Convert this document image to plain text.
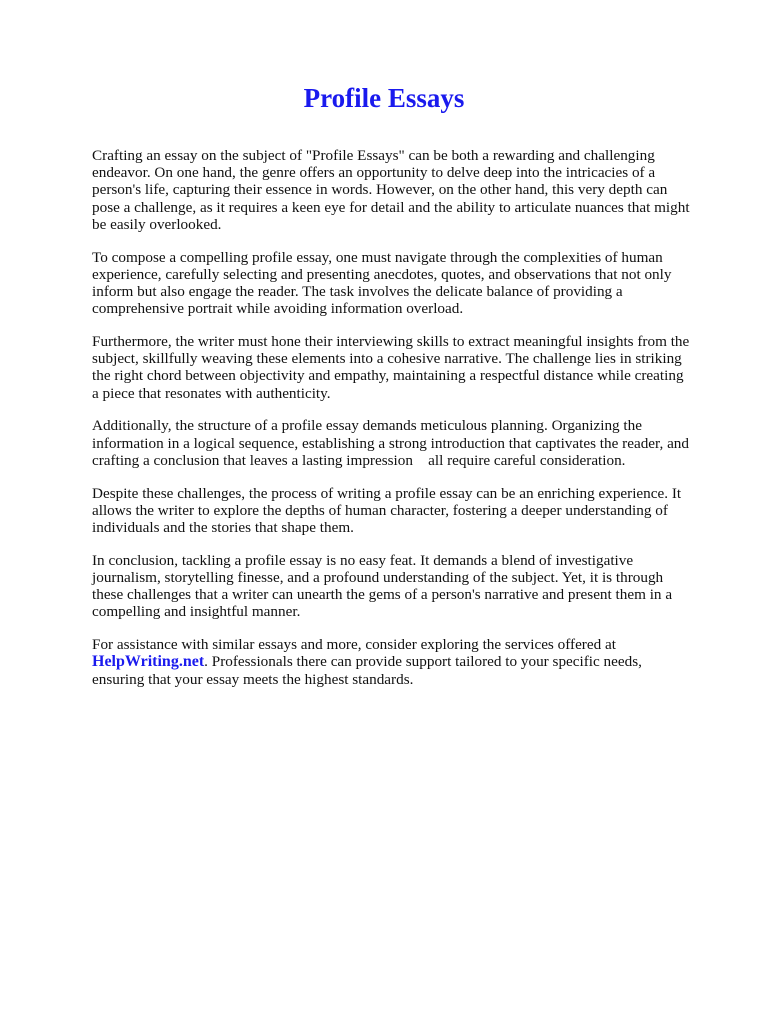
Profile Essays

Crafting an essay on the subject of "Profile Essays" can be both a rewarding and challenging endeavor. On one hand, the genre offers an opportunity to delve deep into the intricacies of a person's life, capturing their essence in words. However, on the other hand, this very depth can pose a challenge, as it requires a keen eye for detail and the ability to articulate nuances that might be easily overlooked.

To compose a compelling profile essay, one must navigate through the complexities of human experience, carefully selecting and presenting anecdotes, quotes, and observations that not only inform but also engage the reader. The task involves the delicate balance of providing a comprehensive portrait while avoiding information overload.

Furthermore, the writer must hone their interviewing skills to extract meaningful insights from the subject, skillfully weaving these elements into a cohesive narrative. The challenge lies in striking the right chord between objectivity and empathy, maintaining a respectful distance while creating a piece that resonates with authenticity.

Additionally, the structure of a profile essay demands meticulous planning. Organizing the information in a logical sequence, establishing a strong introduction that captivates the reader, and crafting a conclusion that leaves a lasting impression    all require careful consideration.

Despite these challenges, the process of writing a profile essay can be an enriching experience. It allows the writer to explore the depths of human character, fostering a deeper understanding of individuals and the stories that shape them.

In conclusion, tackling a profile essay is no easy feat. It demands a blend of investigative journalism, storytelling finesse, and a profound understanding of the subject. Yet, it is through these challenges that a writer can unearth the gems of a person's narrative and present them in a compelling and insightful manner.

For assistance with similar essays and more, consider exploring the services offered at HelpWriting.net. Professionals there can provide support tailored to your specific needs, ensuring that your essay meets the highest standards.
